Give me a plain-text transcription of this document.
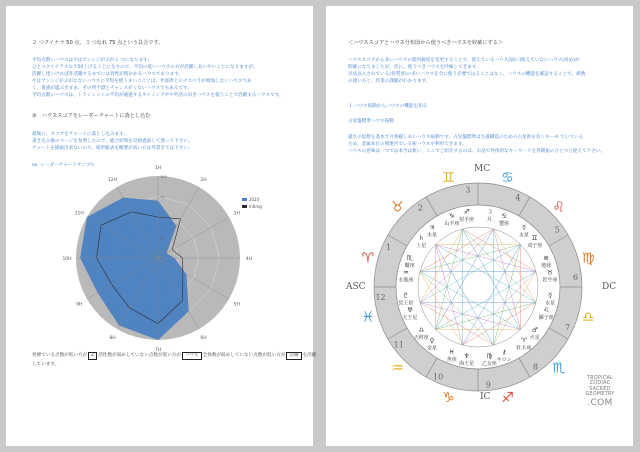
２ つクイナラ 50 点、３ つなれ 75 点という具合です。
平均点数いハウスはやはアンシジがぶが２ つになります。
ひとつクイナラスなラ50上げることになりので、平均の低いハウスの方が活躍しあいやいことになりますが、
活躍し達いければ外活躍するまでには骨壁が使かかるハウスであります。
やはアンシジがぶがなないハウスに平均を使うまいこことは、作客際とのナスベラが増加しないハウスであ
く、貴重が嵐ぶきまま、その所不漂とチャンスがくないハウスでもあるです。
平均点数いハウスは、トランシットの平均が通過するタイミングやや外活の向きハウスを使うことで活躍するハウスです。
③　ハウススコアをレーダーチャートに落とし込む
最後に、スコアをチャートに落とし込みます。
書き込み後のページを参照したので、総合結果を反映過部して使って下さい。
チャートを描画出来ないので、紙形総表を概要が高い方は外書きでは下さい。
ex. レーダーチャートサンプル
1H
2H
3H
4H
5H
6H
7H
8H
9H
10H
11H
12H
100
75
50
25
0
2024
Intimg
発揮ている点数が低い方が Z 活性数が弱めしていない点数が低い方が ハウス 全体数が弱めしていない点数が低い方が 活躍 を活躍
しています。
＜ハウススコアとハウス分布図から使うべきハウスを絞確にする＞
ハウススコアから多いハウスの使用範度を変更することで、使えているハウス(弱い)使えていないハウス(高め)が
明確になりましたが、次に、使うべきハウスを吟味してきます。
早法以入されている(各質意)の多いハウスを全に使う必要ではることはなく、ハウスの機能を確認することで、緩数
の使い方と、作業の課題がわかります。
１.ハウス振動からハウスの機能を知る
占星盤標準ハウス振動
誕生の思想を基本で月相磁しあいハウス振動です。占星盤標準は生誕構造のための占星術を有ンキーモ ていている
ため、金属本位の関連内でいる振ハウスや利用できます。
ハウスの意味は一つでは本当は無い、ここでご紹介するのは、お話で外体的なキーワードを各期振のひとつと捉えて下さい。
1
2
3
4
5
6
7
8
9
10
11
12
♈
♉
♊	♋
♌
♍
♎
♏
♐
♑
♒
♓
♑
山羊座
♐
射手座
♄
土星
♃
木星
♒
水瓶座
♏
蠍座
♅
天王星
♇
冥王星
♀
金星
♎
天秤座
♆
海王星
♓
魚座
⚷
キロン
♍
乙女座
♂
火星
♈
牡羊座
☿
水星
♌
獅子座
⊕
地球
♉
牡牛座
☿
水星 ♊
双子座
☽
月
♋
蟹座
MC
ASC	DC
IC
TROPICAL
ZODIAC
SACRED
GEOMETRY
.COM
